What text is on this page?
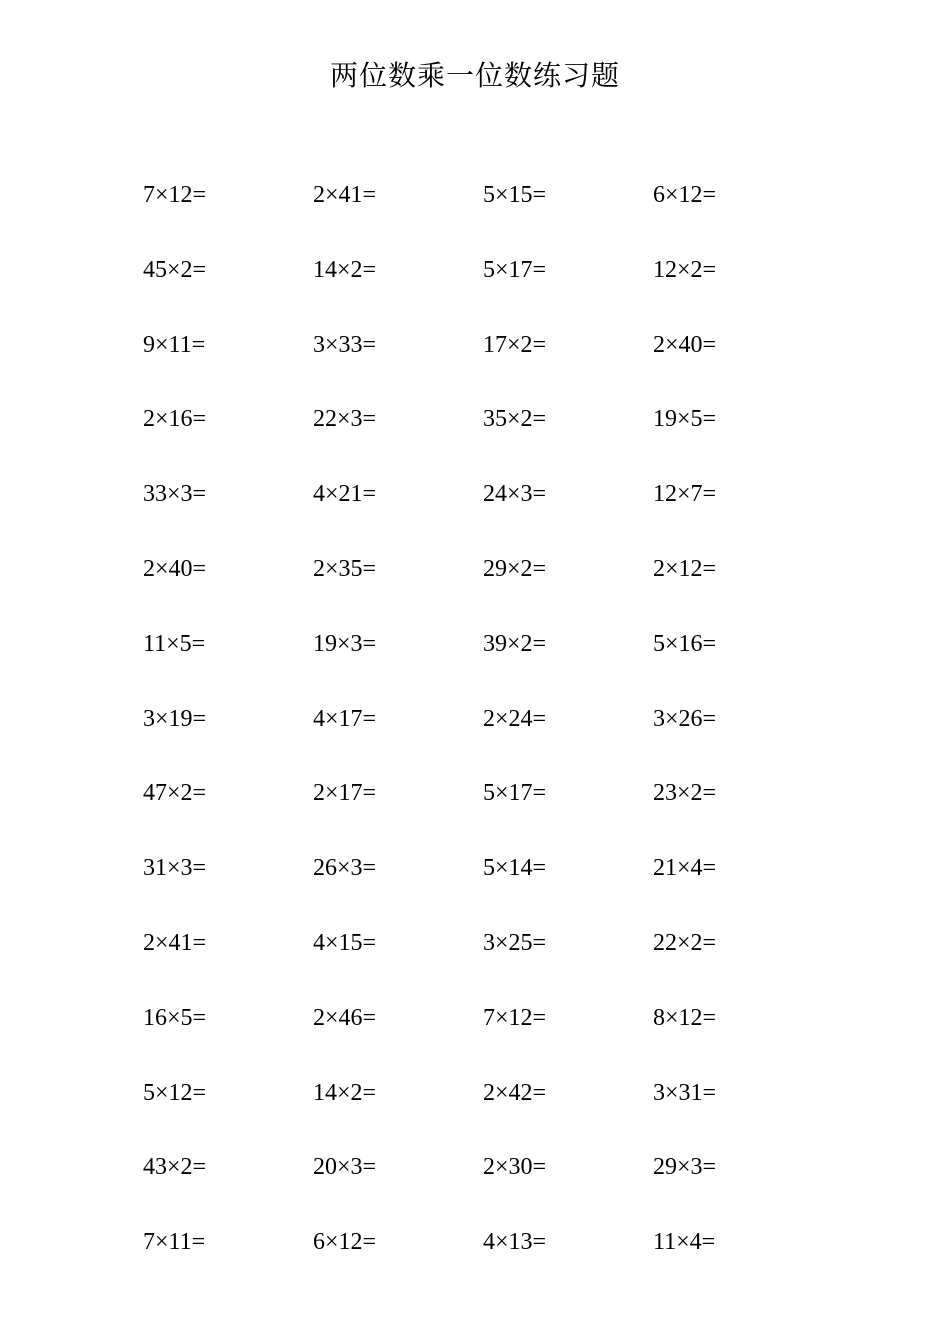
两位数乘一位数练习题
7×12=	2×41=	5×15=	6×12=
45×2=	14×2=	5×17=	12×2=
9×11=	3×33=	17×2=	2×40=
2×16=	22×3=	35×2=	19×5=
33×3=	4×21=	24×3=	12×7=
2×40=	2×35=	29×2=	2×12=
11×5=	19×3=	39×2=	5×16=
3×19=	4×17=	2×24=	3×26=
47×2=	2×17=	5×17=	23×2=
31×3=	26×3=	5×14=	21×4=
2×41=	4×15=	3×25=	22×2=
16×5=	2×46=	7×12=	8×12=
5×12=	14×2=	2×42=	3×31=
43×2=	20×3=	2×30=	29×3=
7×11=	6×12=	4×13=	11×4=
